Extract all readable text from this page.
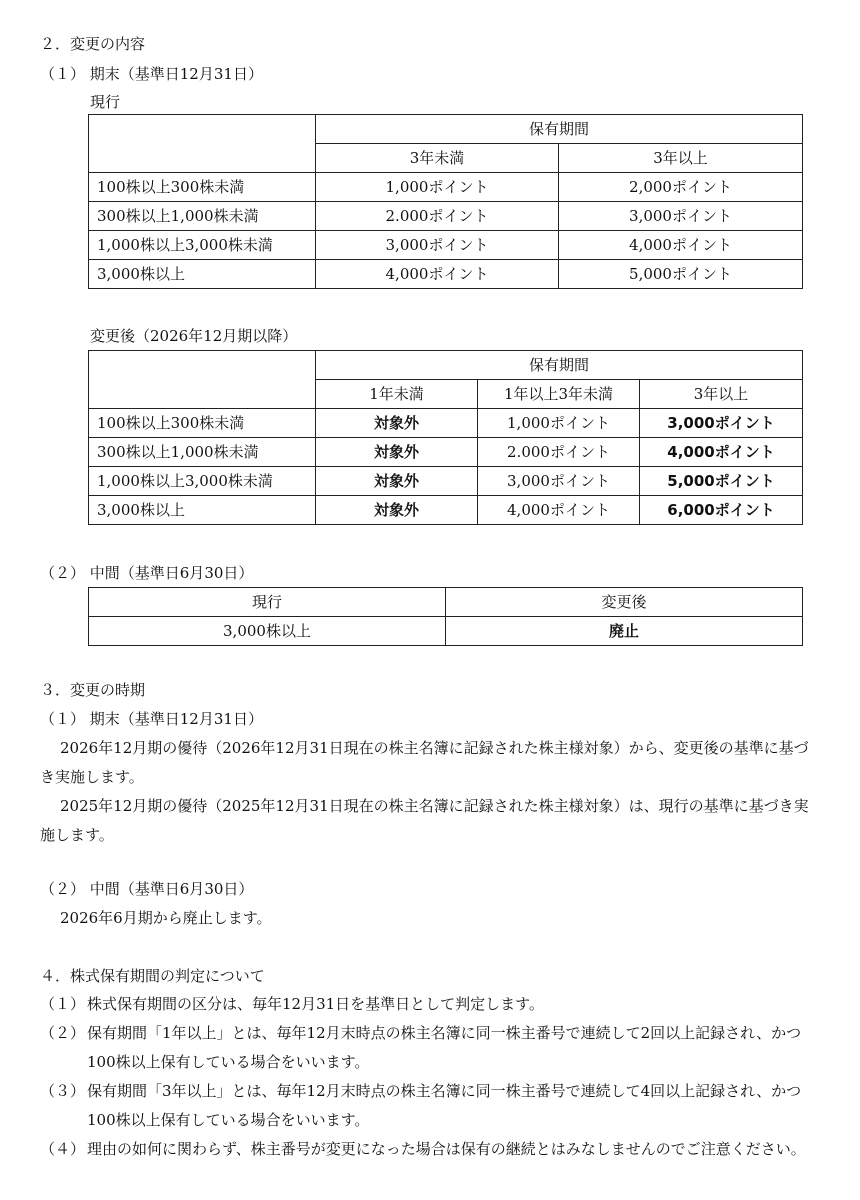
２．変更の内容
（１） 期末（基準日12月31日）
現行
	保有期間	
	3年未満	3年以上
100株以上300株未満	1,000ポイント	2,000ポイント
300株以上1,000株未満	2.000ポイント	3,000ポイント
1,000株以上3,000株未満	3,000ポイント	4,000ポイント
3,000株以上	4,000ポイント	5,000ポイント
変更後（2026年12月期以降）
	保有期間		
	1年未満	1年以上3年未満	3年以上
100株以上300株未満	対象外	1,000ポイント	3,000ポイント
300株以上1,000株未満	対象外	2.000ポイント	4,000ポイント
1,000株以上3,000株未満	対象外	3,000ポイント	5,000ポイント
3,000株以上	対象外	4,000ポイント	6,000ポイント
（２） 中間（基準日6月30日）
現行	変更後
3,000株以上	廃止
３．変更の時期
（１） 期末（基準日12月31日）
2026年12月期の優待（2026年12月31日現在の株主名簿に記録された株主様対象）から、変更後の基準に基づき実施します。
2025年12月期の優待（2025年12月31日現在の株主名簿に記録された株主様対象）は、現行の基準に基づき実施します。
（２） 中間（基準日6月30日）
2026年6月期から廃止します。
４．株式保有期間の判定について
（１） 株式保有期間の区分は、毎年12月31日を基準日として判定します。
（２） 保有期間「1年以上」とは、毎年12月末時点の株主名簿に同一株主番号で連続して2回以上記録され、かつ100株以上保有している場合をいいます。
（３） 保有期間「3年以上」とは、毎年12月末時点の株主名簿に同一株主番号で連続して4回以上記録され、かつ100株以上保有している場合をいいます。
（４） 理由の如何に関わらず、株主番号が変更になった場合は保有の継続とはみなしませんのでご注意ください。
